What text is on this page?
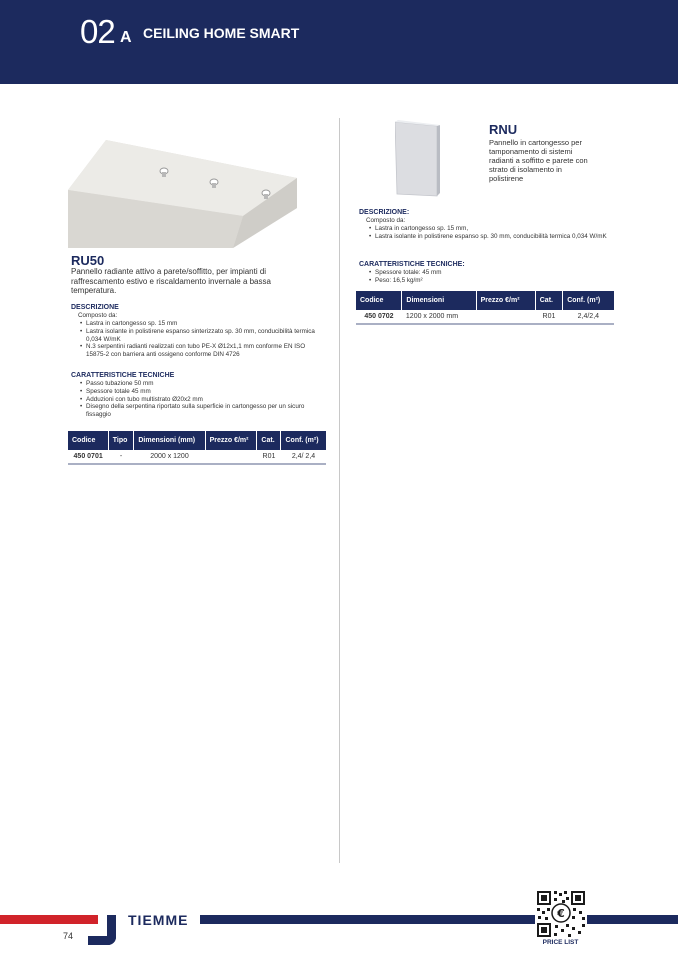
02 A CEILING HOME SMART
RU50
Pannello radiante attivo a parete/soffitto, per impianti di raffrescamento estivo e riscaldamento invernale a bassa temperatura.
DESCRIZIONE
Composto da:
• Lastra in cartongesso sp. 15 mm
• Lastra isolante in polistirene espanso sinterizzato sp. 30 mm, conducibilità termica 0,034 W/mK
• N.3 serpentini radianti realizzati con tubo PE-X Ø12x1,1 mm conforme EN ISO 15875-2 con barriera anti ossigeno conforme DIN 4726
CARATTERISTICHE TECNICHE
• Passo tubazione 50 mm
• Spessore totale 45 mm
• Adduzioni con tubo multistrato Ø20x2 mm
• Disegno della serpentina riportato sulla superficie in cartongesso per un sicuro fissaggio
Codice	Tipo	Dimensioni (mm)	Prezzo €/m²	Cat.	Conf. (m²)
450 0701	-	2000 x 1200		R01	2,4/ 2,4
RNU
Pannello in cartongesso per tamponamento di sistemi radianti a soffitto e parete con strato di isolamento in polistirene
DESCRIZIONE:
Composto da:
• Lastra in cartongesso sp. 15 mm,
• Lastra isolante in polistirene espanso sp. 30 mm, conducibilità termica 0,034 W/mK
CARATTERISTICHE TECNICHE:
• Spessore totale: 45 mm
• Peso: 16,5 kg/m²
Codice	Dimensioni	Prezzo €/m²	Cat.	Conf. (m²)
450 0702	1200 x 2000 mm		R01	2,4/2,4
TIEMME
74
€
PRICE LIST
